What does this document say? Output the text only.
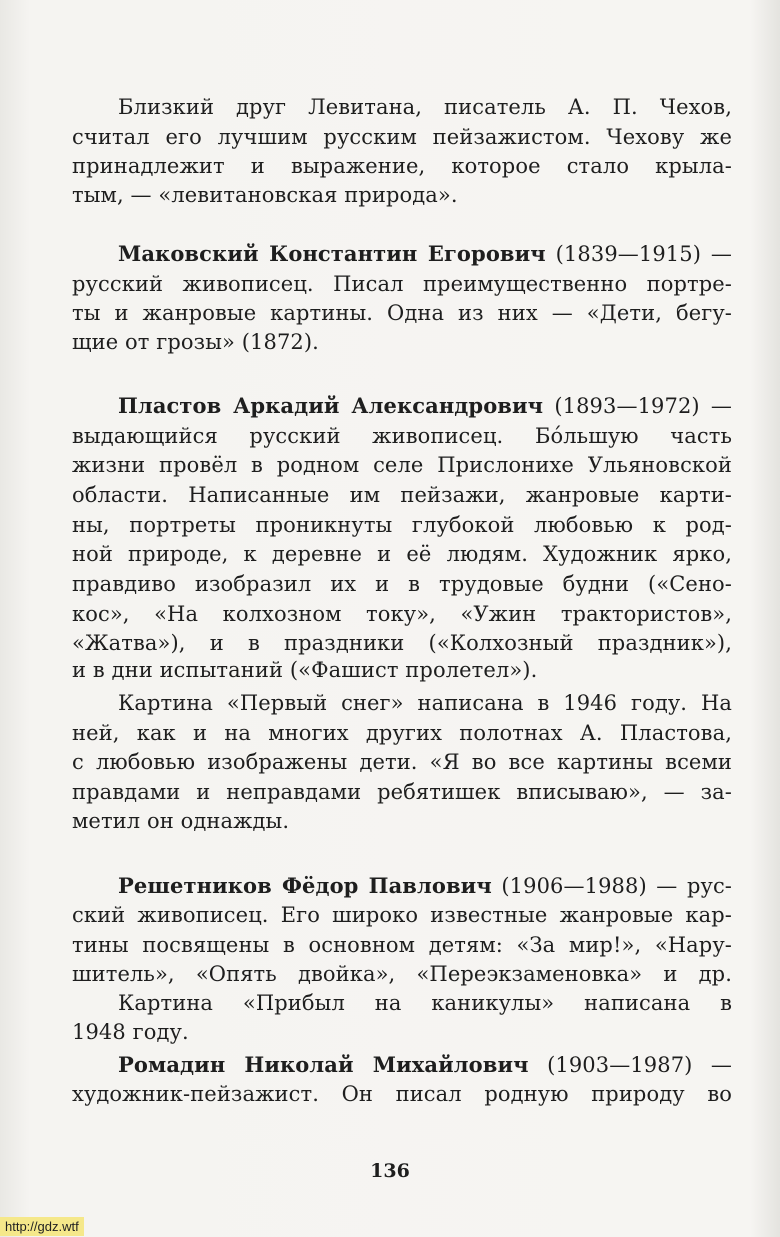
Близкий друг Левитана, писатель А. П. Чехов,
считал его лучшим русским пейзажистом. Чехову же
принадлежит и выражение, которое стало крыла-
тым, — «левитановская природа».
Маковский Константин Егорович (1839—1915) —
русский живописец. Писал преимущественно портре-
ты и жанровые картины. Одна из них — «Дети, бегу-
щие от грозы» (1872).
Пластов Аркадий Александрович (1893—1972) —
выдающийся русский живописец. Бо́льшую часть
жизни провёл в родном селе Прислонихе Ульяновской
области. Написанные им пейзажи, жанровые карти-
ны, портреты проникнуты глубокой любовью к род-
ной природе, к деревне и её людям. Художник ярко,
правдиво изобразил их и в трудовые будни («Сено-
кос», «На колхозном току», «Ужин трактористов»,
«Жатва»), и в праздники («Колхозный праздник»),
и в дни испытаний («Фашист пролетел»).
Картина «Первый снег» написана в 1946 году. На
ней, как и на многих других полотнах А. Пластова,
с любовью изображены дети. «Я во все картины всеми
правдами и неправдами ребятишек вписываю», — за-
метил он однажды.
Решетников Фёдор Павлович (1906—1988) — рус-
ский живописец. Его широко известные жанровые кар-
тины посвящены в основном детям: «За мир!», «Нару-
шитель», «Опять двойка», «Переэкзаменовка» и др.
Картина «Прибыл на каникулы» написана в
1948 году.
Ромадин Николай Михайлович (1903—1987) —
художник-пейзажист. Он писал родную природу во
136
http://gdz.wtf
